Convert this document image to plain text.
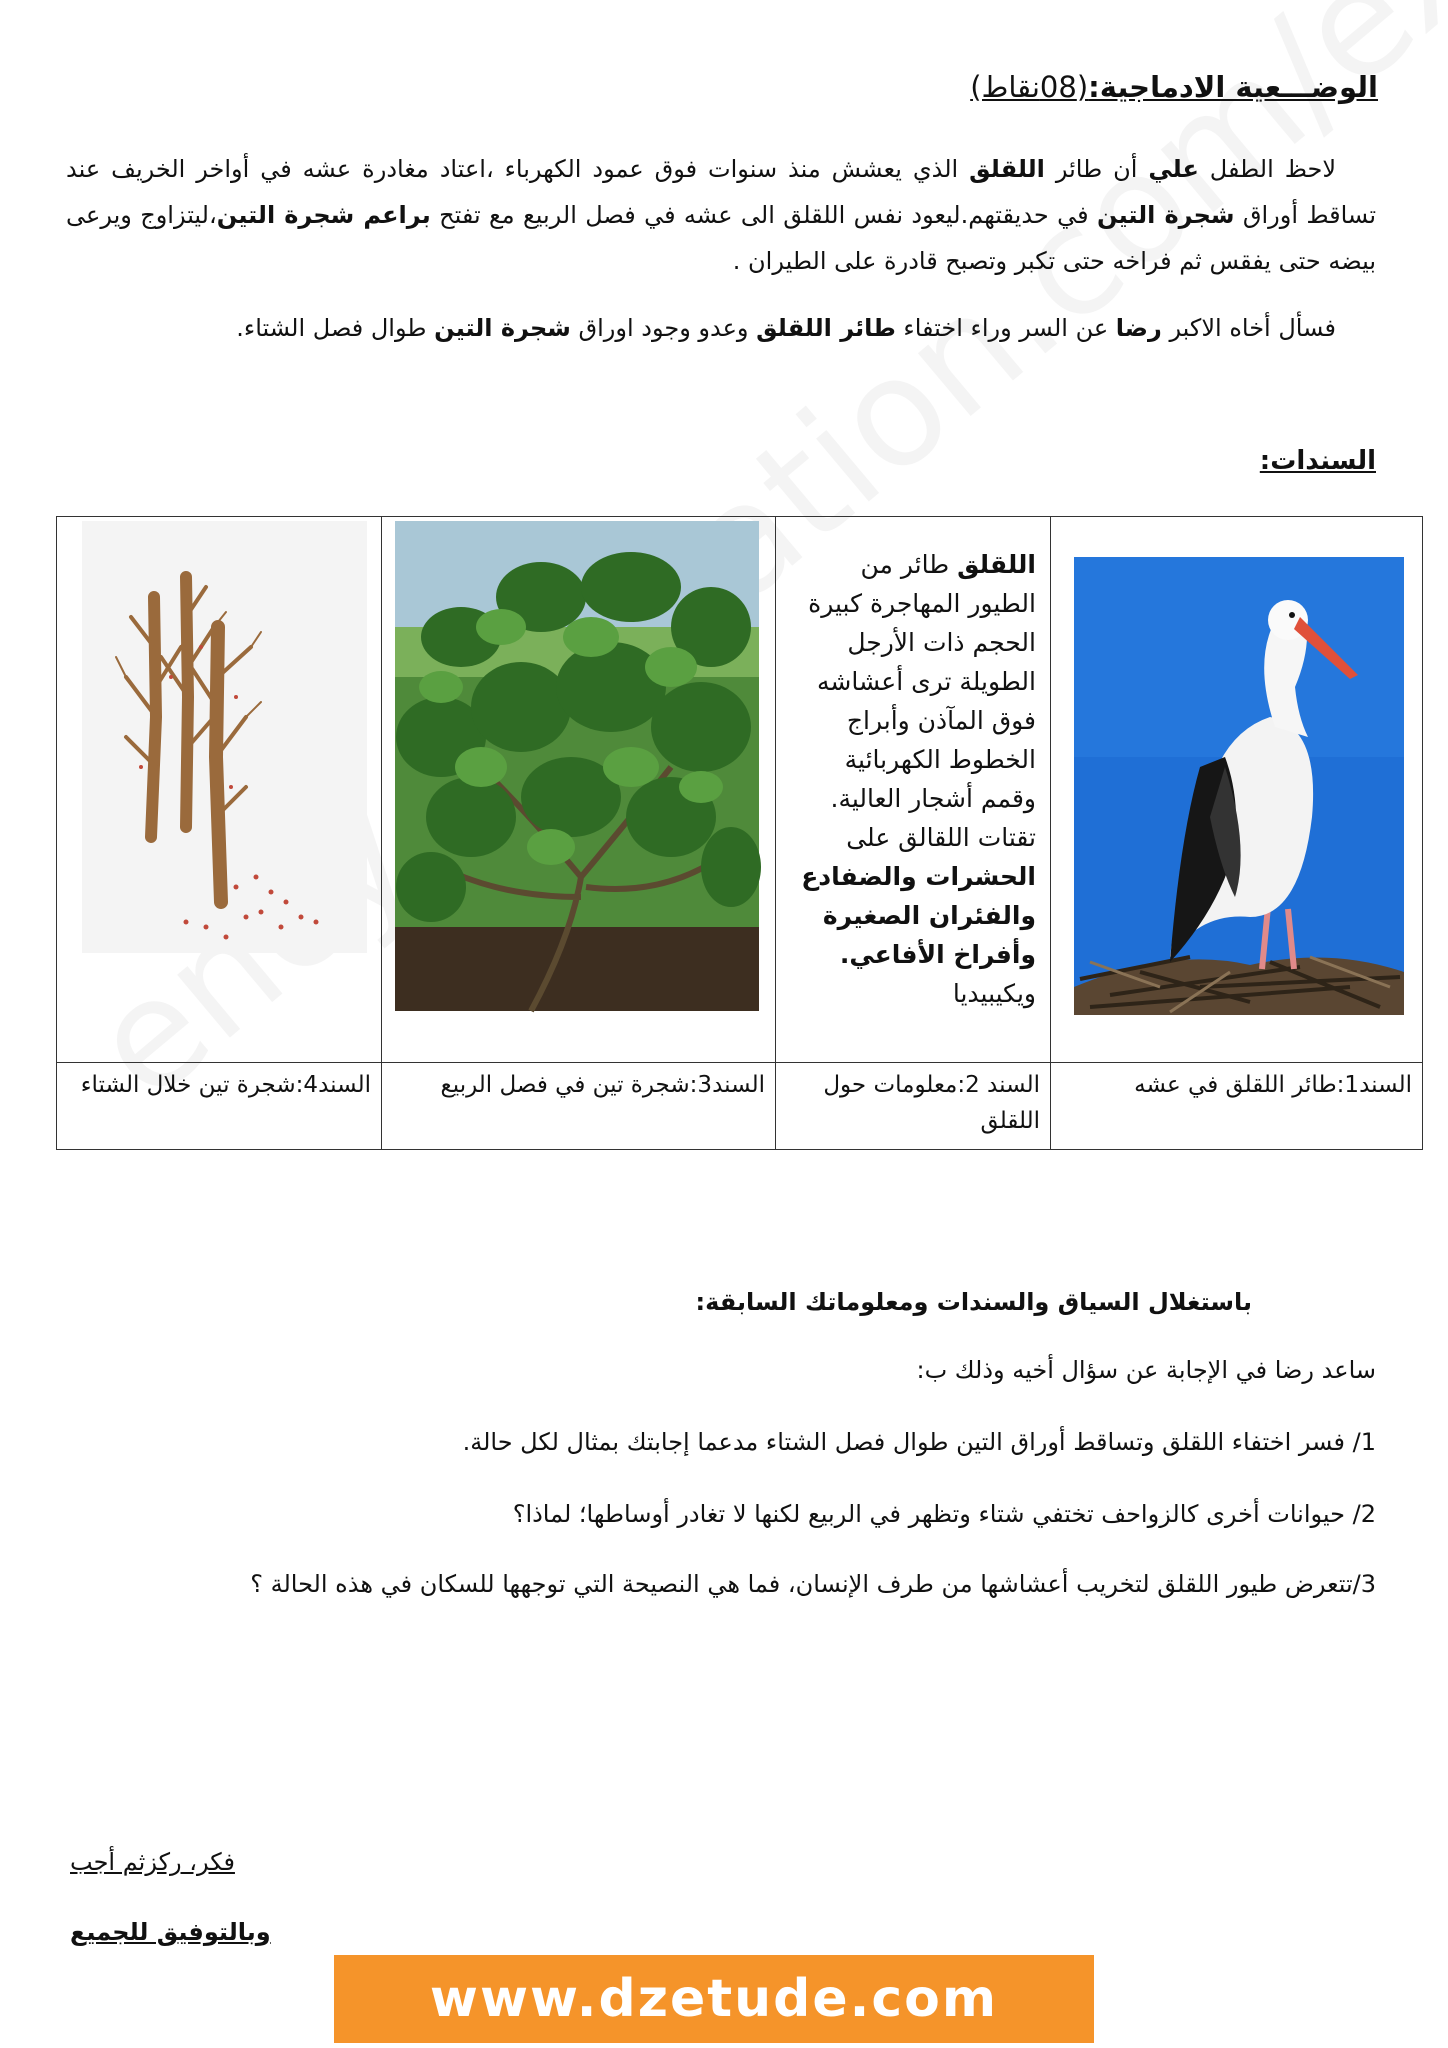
الوضـــعية الادماجية:(08نقاط)
لاحظ الطفل علي أن طائر اللقلق الذي يعشش منذ سنوات فوق عمود الكهرباء ،اعتاد مغادرة عشه في أواخر الخريف عند تساقط أوراق شجرة التين في حديقتهم.ليعود نفس اللقلق الى عشه في فصل الربيع مع تفتح براعم شجرة التين،ليتزاوج ويرعى بيضه حتى يفقس ثم فراخه حتى تكبر وتصبح قادرة على الطيران .
فسأل أخاه الاكبر رضا عن السر وراء اختفاء طائر اللقلق وعدو وجود اوراق شجرة التين طوال فصل الشتاء.
السندات:
	اللقلق طائر من الطيور المهاجرة كبيرة الحجم ذات الأرجل الطويلة ترى أعشاشه فوق المآذن وأبراج الخطوط الكهربائية وقمم أشجار العالية. تقتات اللقالق على الحشرات والضفادع والفئران الصغيرة وأفراخ الأفاعي. ويكيبيديا	

السند1:طائر اللقلق في عشه	السند 2:معلومات حول اللقلق	السند3:شجرة تين في فصل الربيع	السند4:شجرة تين خلال الشتاء
باستغلال السياق والسندات ومعلوماتك السابقة:
ساعد رضا في الإجابة عن سؤال أخيه وذلك ب:
1/ فسر اختفاء اللقلق وتساقط أوراق التين طوال فصل الشتاء مدعما إجابتك بمثال لكل حالة.
2/ حيوانات أخرى كالزواحف تختفي شتاء وتظهر في الربيع لكنها لا تغادر أوساطها؛ لماذا؟
3/تتعرض طيور اللقلق لتخريب أعشاشها من طرف الإنسان، فما هي النصيحة التي توجهها للسكان في هذه الحالة ؟
فكر، ركزثم أجب
وبالتوفيق للجميع
www.dzetude.com
